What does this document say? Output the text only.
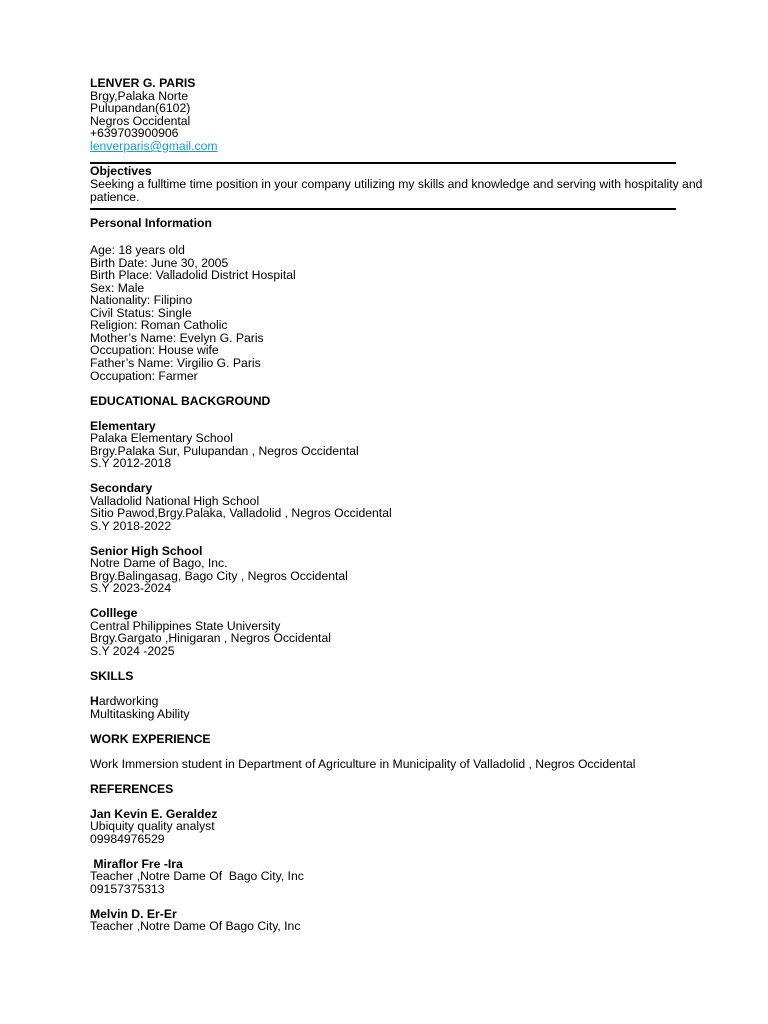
LENVER G. PARIS
Brgy,Palaka Norte
Pulupandan(6102)
Negros Occidental
+639703900906
lenverparis@gmail.com
Objectives
Seeking a fulltime time position in your company utilizing my skills and knowledge and serving with hospitality and patience.
Personal Information
Age: 18 years old
Birth Date: June 30, 2005
Birth Place: Valladolid District Hospital
Sex: Male
Nationality: Filipino
Civil Status: Single
Religion: Roman Catholic
Mother’s Name: Evelyn G. Paris
Occupation: House wife
Father’s Name: Virgilio G. Paris
Occupation: Farmer
EDUCATIONAL BACKGROUND
Elementary
Palaka Elementary School
Brgy.Palaka Sur, Pulupandan , Negros Occidental
S.Y 2012-2018
Secondary
Valladolid National High School
Sitio Pawod,Brgy.Palaka, Valladolid , Negros Occidental
S.Y 2018-2022
Senior High School
Notre Dame of Bago, Inc.
Brgy.Balingasag, Bago City , Negros Occidental
S.Y 2023-2024
Colllege
Central Philippines State University
Brgy.Gargato ,Hinigaran , Negros Occidental
S.Y 2024 -2025
SKILLS
Hardworking
Multitasking Ability
WORK EXPERIENCE
Work Immersion student in Department of Agriculture in Municipality of Valladolid , Negros Occidental
REFERENCES
Jan Kevin E. Geraldez
Ubiquity quality analyst
09984976529
Miraflor Fre -Ira
Teacher ,Notre Dame Of  Bago City, Inc
09157375313
Melvin D. Er-Er
Teacher ,Notre Dame Of Bago City, Inc
